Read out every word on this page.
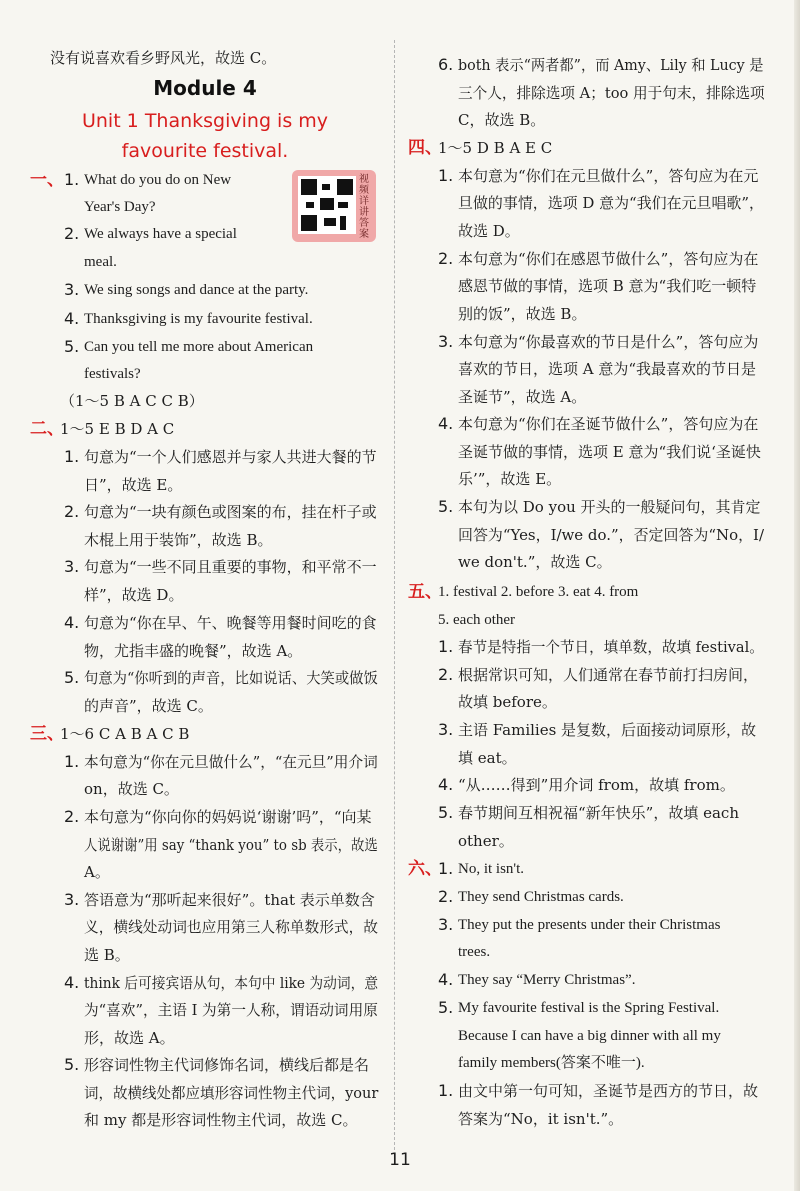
没有说喜欢看乡野风光，故选 C。
Module 4
Unit 1 Thanksgiving is my
favourite festival.
视频详讲答案
一、 1. What do you do on New
Year's Day?
2. We always have a special
meal.
3. We sing songs and dance at the party.
4. Thanksgiving is my favourite festival.
5. Can you tell me more about American
festivals?
（1～5 B A C C B）
二、
1～5 E B D A C
1. 句意为“一个人们感恩并与家人共进大餐的节
日”，故选 E。
2. 句意为“一块有颜色或图案的布，挂在杆子或
木棍上用于装饰”，故选 B。
3. 句意为“一些不同且重要的事物，和平常不一
样”，故选 D。
4. 句意为“你在早、午、晚餐等用餐时间吃的食
物，尤指丰盛的晚餐”，故选 A。
5. 句意为“你听到的声音，比如说话、大笑或做饭
的声音”，故选 C。
三、
1～6 C A B A C B
1. 本句意为“你在元旦做什么”，“在元旦”用介词
on，故选 C。
2. 本句意为“你向你的妈妈说‘谢谢’吗”，“向某
人说谢谢”用 say “thank you” to sb 表示，故选
A。
3. 答语意为“那听起来很好”。that 表示单数含
义，横线处动词也应用第三人称单数形式，故
选 B。
4. think 后可接宾语从句，本句中 like 为动词，意
为“喜欢”，主语 I 为第一人称，谓语动词用原
形，故选 A。
5. 形容词性物主代词修饰名词，横线后都是名
词，故横线处都应填形容词性物主代词，your
和 my 都是形容词性物主代词，故选 C。
6. both 表示“两者都”，而 Amy、Lily 和 Lucy 是
三个人，排除选项 A；too 用于句末，排除选项
C，故选 B。
四、
1～5 D B A E C
1. 本句意为“你们在元旦做什么”，答句应为在元
旦做的事情，选项 D 意为“我们在元旦唱歌”，
故选 D。
2. 本句意为“你们在感恩节做什么”，答句应为在
感恩节做的事情，选项 B 意为“我们吃一顿特
别的饭”，故选 B。
3. 本句意为“你最喜欢的节日是什么”，答句应为
喜欢的节日，选项 A 意为“我最喜欢的节日是
圣诞节”，故选 A。
4. 本句意为“你们在圣诞节做什么”，答句应为在
圣诞节做的事情，选项 E 意为“我们说‘圣诞快
乐’”，故选 E。
5. 本句为以 Do you 开头的一般疑问句，其肯定
回答为“Yes，I/we do.”，否定回答为“No，I/
we don't.”，故选 C。
五、
1. festival 2. before 3. eat 4. from
5. each other
1. 春节是特指一个节日，填单数，故填 festival。
2. 根据常识可知，人们通常在春节前打扫房间，
故填 before。
3. 主语 Families 是复数，后面接动词原形，故
填 eat。
4. “从……得到”用介词 from，故填 from。
5. 春节期间互相祝福“新年快乐”，故填 each
other。
六、
1. No, it isn't.
2. They send Christmas cards.
3. They put the presents under their Christmas
trees.
4. They say “Merry Christmas”.
5. My favourite festival is the Spring Festival.
Because I can have a big dinner with all my
family members(答案不唯一).
1. 由文中第一句可知，圣诞节是西方的节日，故
答案为“No，it isn't.”。
11
